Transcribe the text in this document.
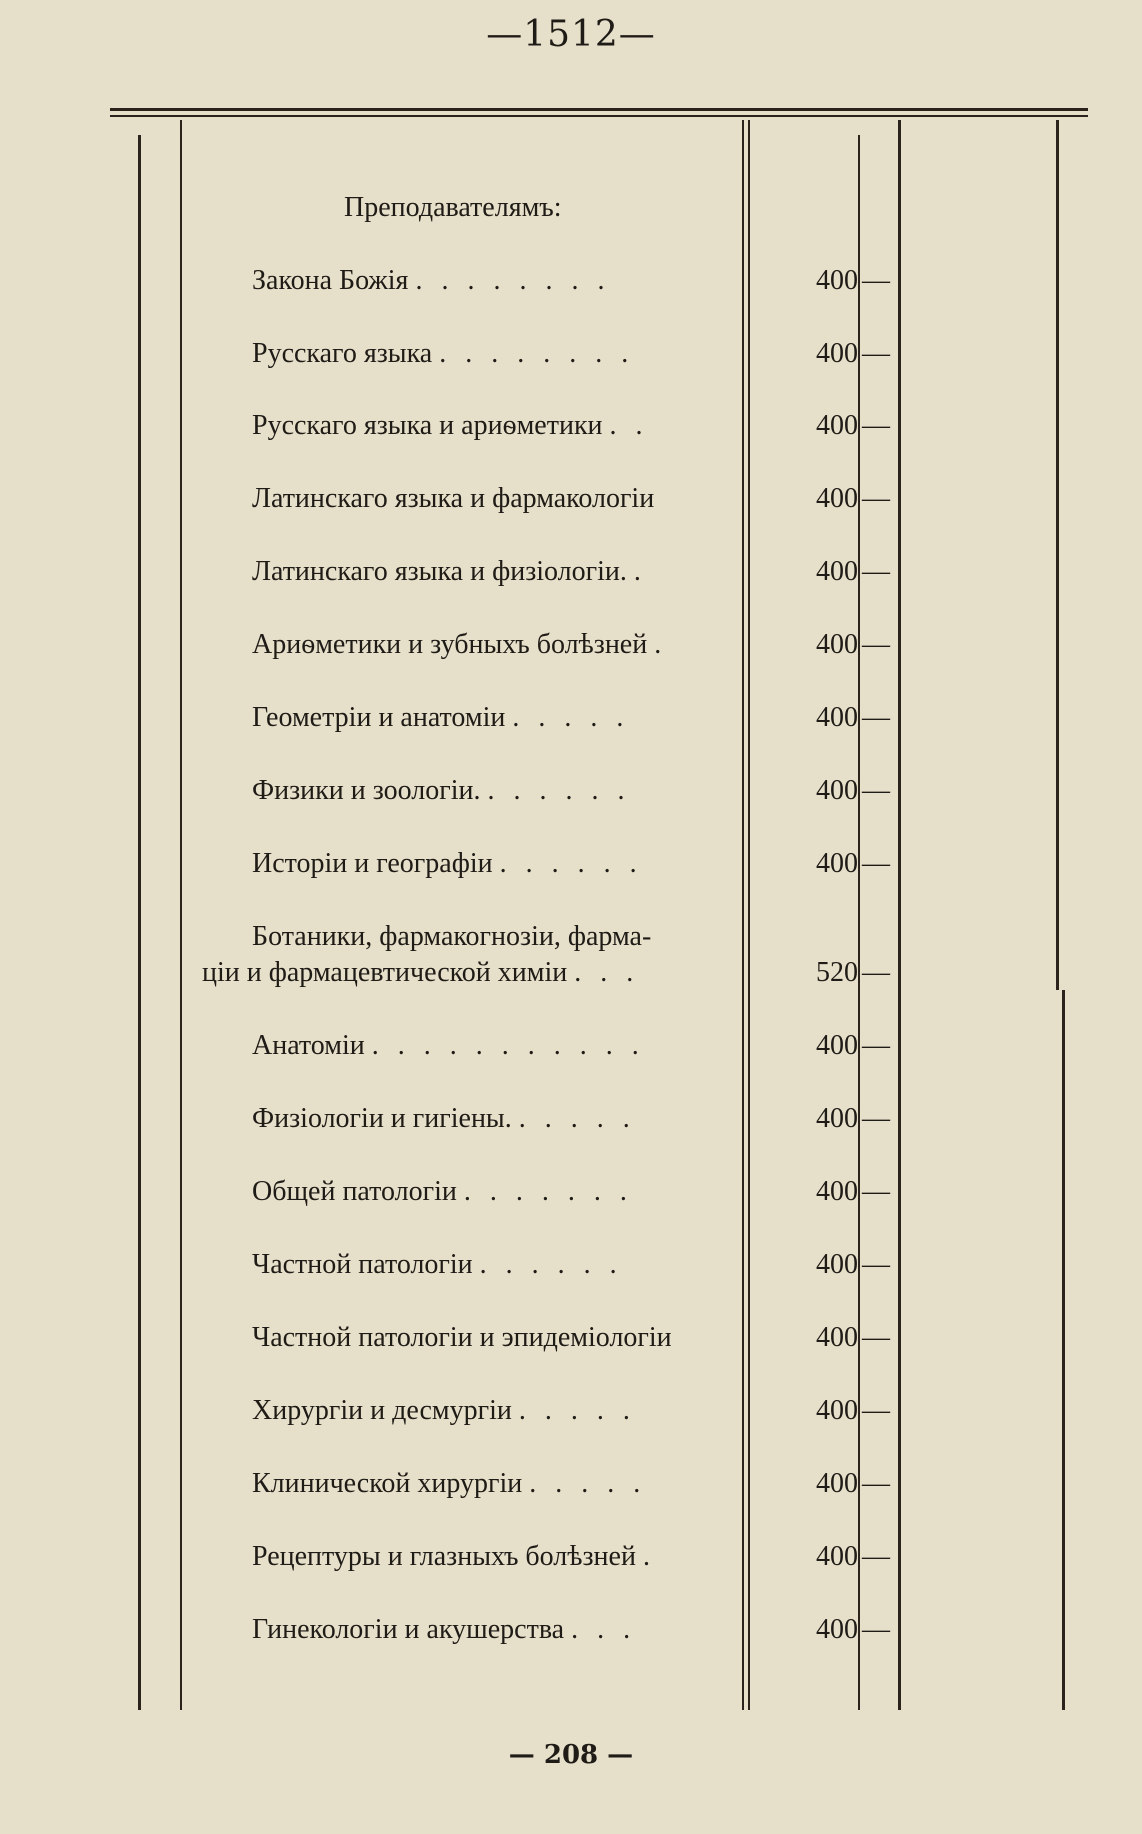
—1512—
Преподавателямъ:
Закона Божія . . . . . . . .	400 —
Русскаго языка . . . . . . . .	400 —
Русскаго языка и ариѳметики . .	400 —
Латинскаго языка и фармакологіи	400 —
Латинскаго языка и физіологіи. .	400 —
Ариѳметики и зубныхъ болѣзней .	400 —
Геометріи и анатоміи . . . . .	400 —
Физики и зоологіи. . . . . . .	400 —
Исторіи и географіи . . . . . .	400 —
Ботаники, фармакогнозіи, фарма-
ціи и фармацевтической химіи . . .	520 —
Анатоміи . . . . . . . . . . .	400 —
Физіологіи и гигіены. . . . . .	400 —
Общей патологіи . . . . . . .	400 —
Частной патологіи . . . . . .	400 —
Частной патологіи и эпидеміологіи	400 —
Хирургіи и десмургіи . . . . .	400 —
Клинической хирургіи . . . . .	400 —
Рецептуры и глазныхъ болѣзней .	400 —
Гинекологіи и акушерства . . .	400 —
— 208 —
